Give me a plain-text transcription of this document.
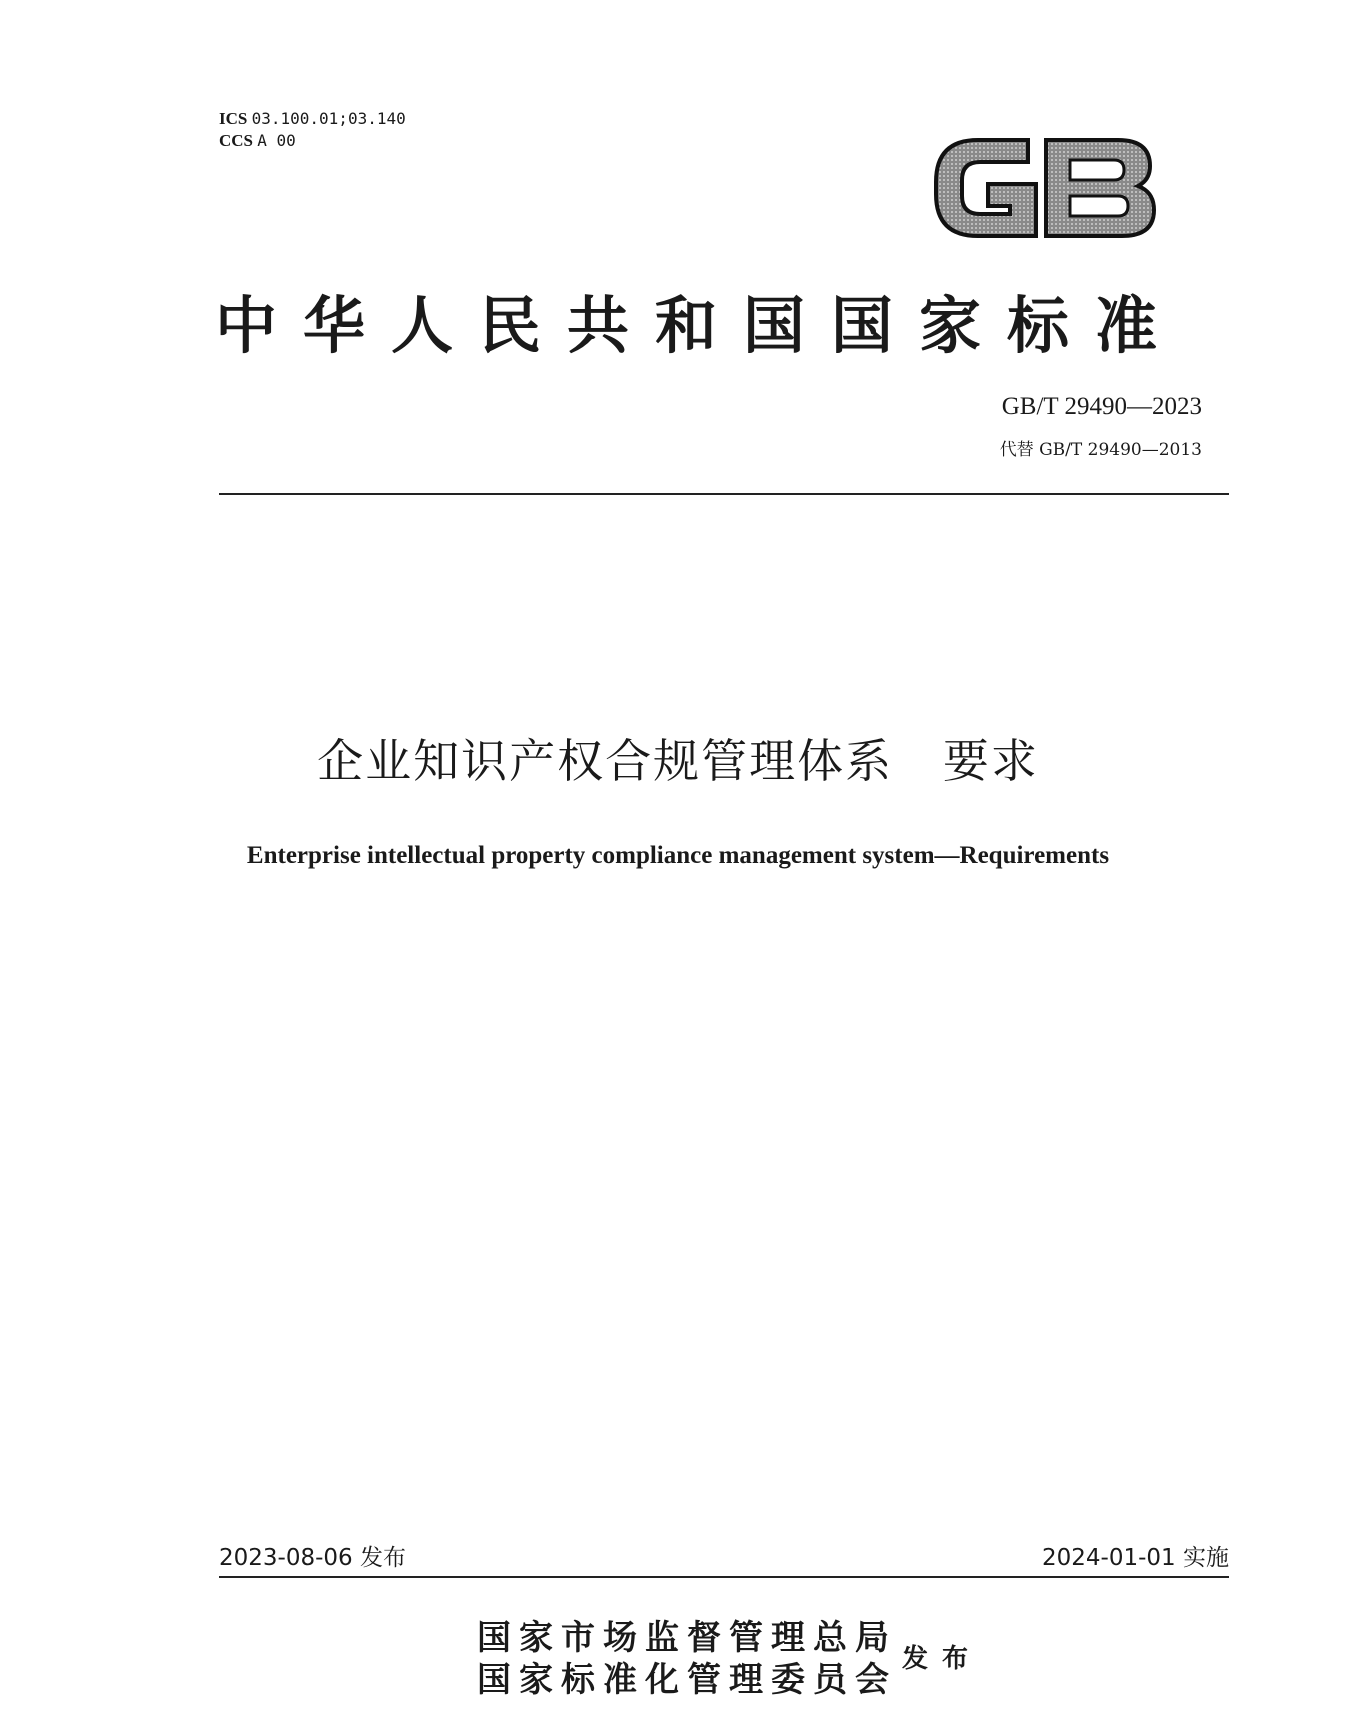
ICS 03.100.01;03.140
CCS A 00
GB
中华人民共和国国家标准
GB/T 29490—2023
代替 GB/T 29490—2013
企业知识产权合规管理体系   要求
Enterprise intellectual property compliance management system—Requirements
2023-08-06 发布	2024-01-01 实施
国家市场监督管理总局
国家标准化管理委员会
发布
